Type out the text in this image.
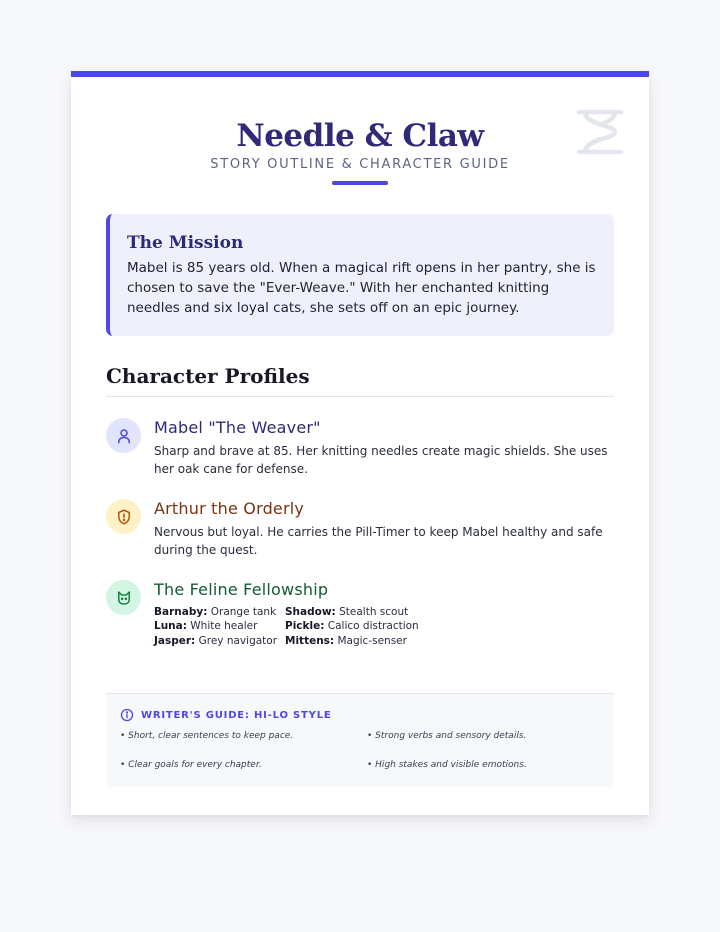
Needle & Claw
STORY OUTLINE & CHARACTER GUIDE
The Mission

Mabel is 85 years old. When a magical rift opens in her pantry, she is chosen to save the "Ever-Weave." With her enchanted knitting needles and six loyal cats, she sets off on an epic journey.

Character Profiles
Mabel "The Weaver"

Sharp and brave at 85. Her knitting needles create magic shields. She uses her oak cane for defense.

Arthur the Orderly

Nervous but loyal. He carries the Pill-Timer to keep Mabel healthy and safe during the quest.

The Feline Fellowship
Barnaby: Orange tank Shadow: Stealth scout
Luna: White healer	Pickle: Calico distraction
Jasper: Grey navigator Mittens: Magic-senser
WRITER'S GUIDE: HI-LO STYLE
• Short, clear sentences to keep pace.	• Strong verbs and sensory details.
• Clear goals for every chapter.	• High stakes and visible emotions.
